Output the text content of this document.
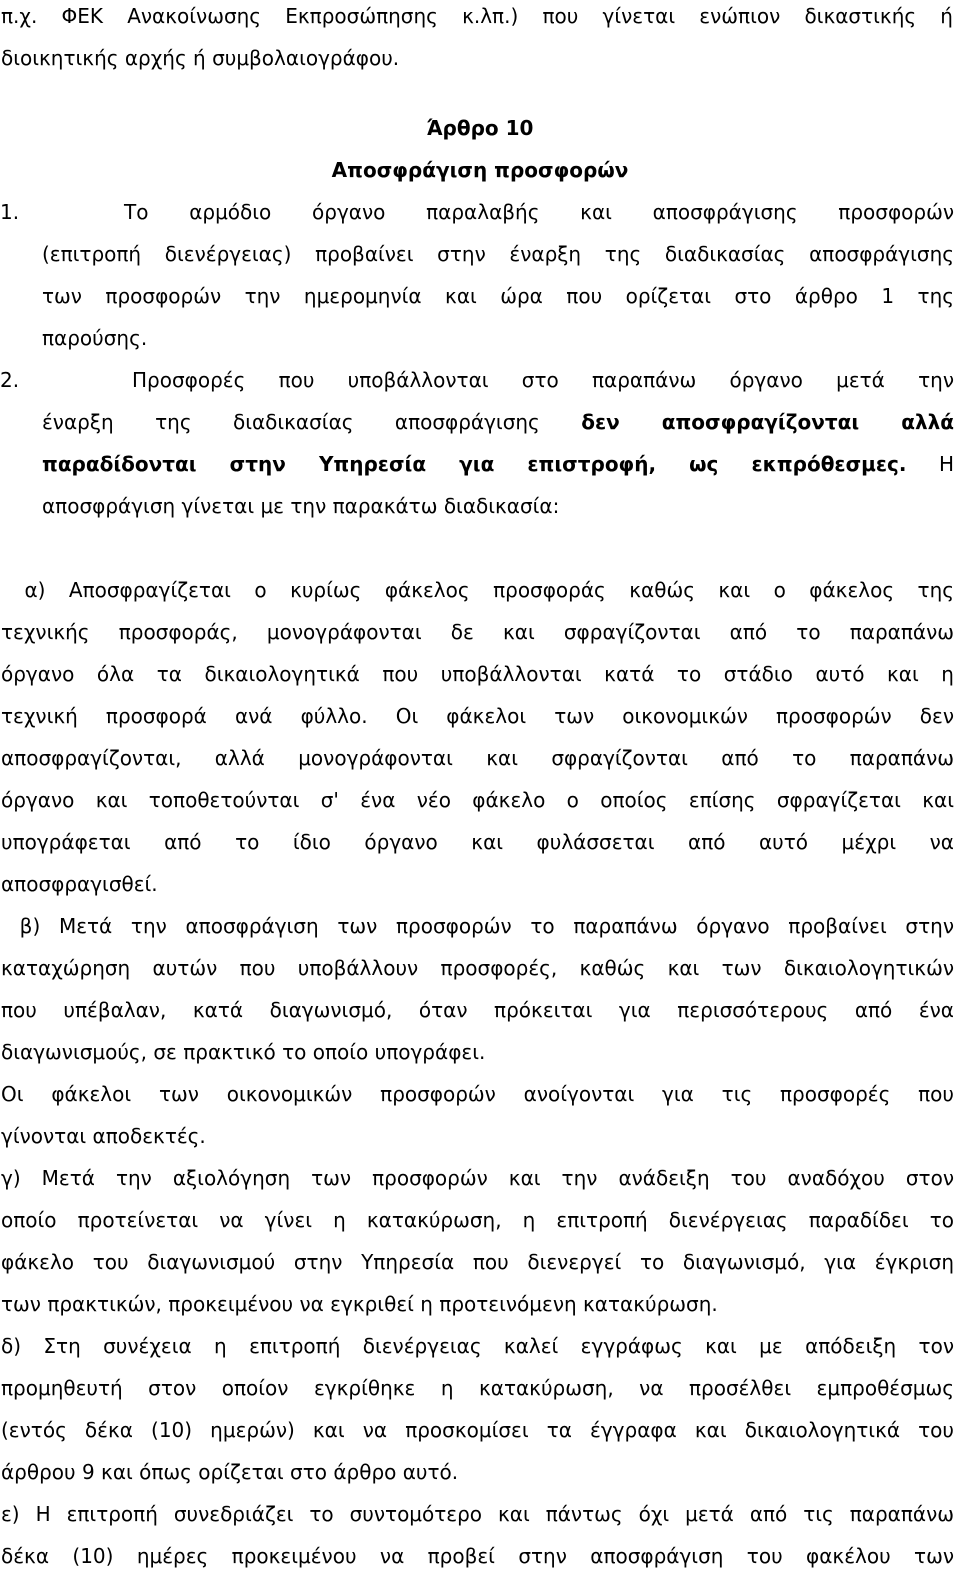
π.χ. ΦΕΚ Ανακοίνωσης Εκπροσώπησης κ.λπ.) που γίνεται ενώπιον δικαστικής ή

διοικητικής αρχής ή συμβολαιογράφου.

Άρθρο 10

Αποσφράγιση προσφορών

1.	Το αρμόδιο όργανο παραλαβής και αποσφράγισης προσφορών

(επιτροπή διενέργειας) προβαίνει στην έναρξη της διαδικασίας αποσφράγισης

των προσφορών την ημερομηνία και ώρα που ορίζεται στο άρθρο 1 της

παρούσης.

2.	Προσφορές που υποβάλλονται στο παραπάνω όργανο μετά την

έναρξη της διαδικασίας αποσφράγισης δεν αποσφραγίζονται αλλά

παραδίδονται στην Υπηρεσία για επιστροφή, ως εκπρόθεσμες. Η

αποσφράγιση γίνεται με την παρακάτω διαδικασία:

α) Αποσφραγίζεται ο κυρίως φάκελος προσφοράς καθώς και ο φάκελος της

τεχνικής προσφοράς, μονογράφονται δε και σφραγίζονται από το παραπάνω

όργανο όλα τα δικαιολογητικά που υποβάλλονται κατά το στάδιο αυτό και η

τεχνική προσφορά ανά φύλλο. Οι φάκελοι των οικονομικών προσφορών δεν

αποσφραγίζονται, αλλά μονογράφονται και σφραγίζονται από το παραπάνω

όργανο και τοποθετούνται σ' ένα νέο φάκελο ο οποίος επίσης σφραγίζεται και

υπογράφεται από το ίδιο όργανο και φυλάσσεται από αυτό μέχρι να

αποσφραγισθεί.

β) Μετά την αποσφράγιση των προσφορών το παραπάνω όργανο προβαίνει στην

καταχώρηση αυτών που υποβάλλουν προσφορές, καθώς και των δικαιολογητικών

που υπέβαλαν, κατά διαγωνισμό, όταν πρόκειται για περισσότερους από ένα

διαγωνισμούς, σε πρακτικό το οποίο υπογράφει.

Οι φάκελοι των οικονομικών προσφορών ανοίγονται για τις προσφορές που

γίνονται αποδεκτές.

γ) Μετά την αξιολόγηση των προσφορών και την ανάδειξη του αναδόχου στον

οποίο προτείνεται να γίνει η κατακύρωση, η επιτροπή διενέργειας παραδίδει το

φάκελο του διαγωνισμού στην Υπηρεσία που διενεργεί το διαγωνισμό, για έγκριση

των πρακτικών, προκειμένου να εγκριθεί η προτεινόμενη κατακύρωση.

δ) Στη συνέχεια η επιτροπή διενέργειας καλεί εγγράφως και με απόδειξη τον

προμηθευτή στον οποίον εγκρίθηκε η κατακύρωση, να προσέλθει εμπροθέσμως

(εντός δέκα (10) ημερών) και να προσκομίσει τα έγγραφα και δικαιολογητικά του

άρθρου 9 και όπως ορίζεται στο άρθρο αυτό.

ε) Η επιτροπή συνεδριάζει το συντομότερο και πάντως όχι μετά από τις παραπάνω

δέκα (10) ημέρες προκειμένου να προβεί στην αποσφράγιση του φακέλου των
